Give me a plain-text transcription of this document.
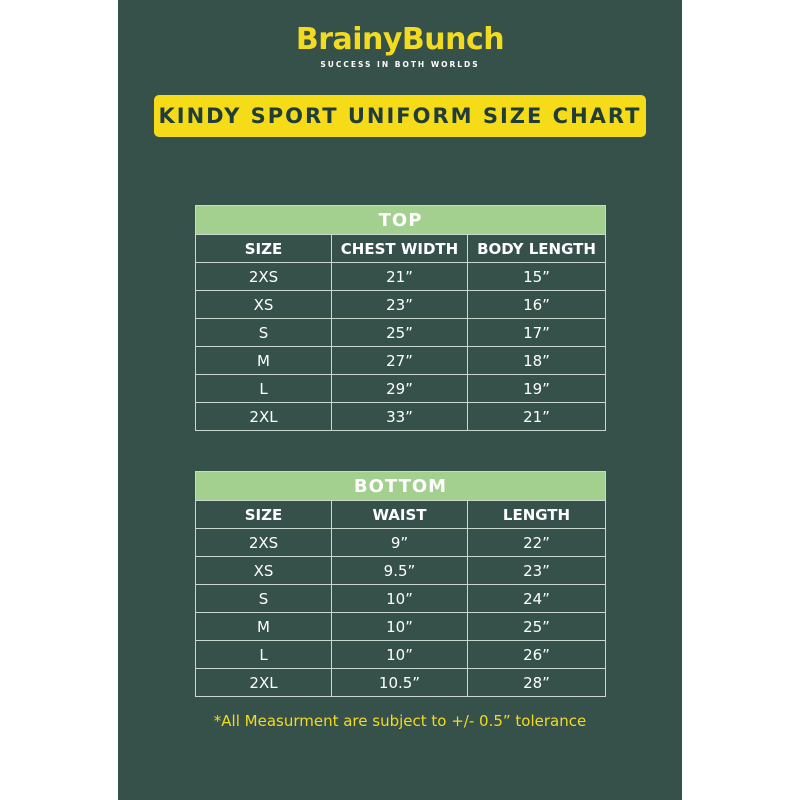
BrainyBunch
SUCCESS IN BOTH WORLDS
KINDY SPORT UNIFORM SIZE CHART
TOP		
SIZE	CHEST WIDTH	BODY LENGTH
2XS	21”	15”
XS	23”	16”
S	25”	17”
M	27”	18”
L	29”	19”
2XL	33”	21”
BOTTOM		
SIZE	WAIST	LENGTH
2XS	9”	22”
XS	9.5”	23”
S	10”	24”
M	10”	25”
L	10”	26”
2XL	10.5”	28”
*All Measurment are subject to +/- 0.5” tolerance
